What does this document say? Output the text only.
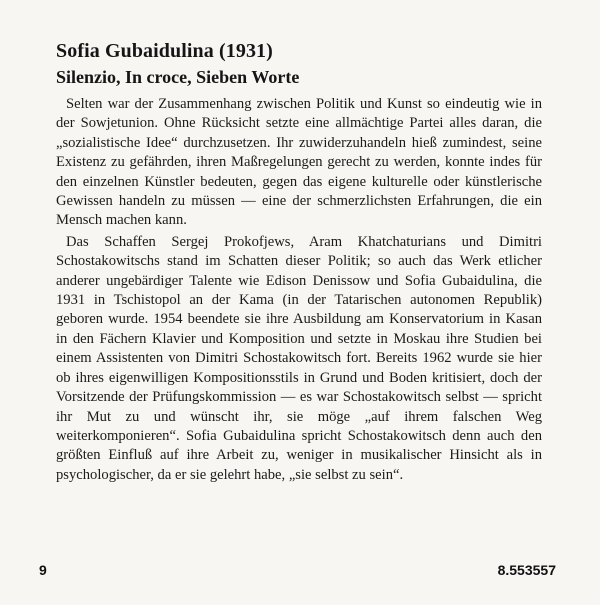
Sofia Gubaidulina (1931)
Silenzio, In croce, Sieben Worte

Selten war der Zusammenhang zwischen Politik und Kunst so eindeutig wie in der Sowjetunion. Ohne Rücksicht setzte eine allmächtige Partei alles daran, die „sozialistische Idee“ durchzusetzen. Ihr zuwiderzuhandeln hieß zumindest, seine Existenz zu gefährden, ihren Maßregelungen gerecht zu werden, konnte indes für den einzelnen Künstler bedeuten, gegen das eigene kulturelle oder künstlerische Gewissen handeln zu müssen — eine der schmerzlichsten Erfahrungen, die ein Mensch machen kann.

Das Schaffen Sergej Prokofjews, Aram Khatchaturians und Dimitri Schostakowitschs stand im Schatten dieser Politik; so auch das Werk etlicher anderer ungebärdiger Talente wie Edison Denissow und Sofia Gubaidulina, die 1931 in Tschistopol an der Kama (in der Tatarischen autonomen Republik) geboren wurde. 1954 beendete sie ihre Ausbildung am Konservatorium in Kasan in den Fächern Klavier und Komposition und setzte in Moskau ihre Studien bei einem Assistenten von Dimitri Schostakowitsch fort. Bereits 1962 wurde sie hier ob ihres eigenwilligen Kompositionsstils in Grund und Boden kritisiert, doch der Vorsitzende der Prüfungskommission — es war Schostakowitsch selbst — spricht ihr Mut zu und wünscht ihr, sie möge „auf ihrem falschen Weg weiterkomponieren“. Sofia Gubaidulina spricht Schostakowitsch denn auch den größten Einfluß auf ihre Arbeit zu, weniger in musikalischer Hinsicht als in psychologischer, da er sie gelehrt habe, „sie selbst zu sein“.

9	8.553557
